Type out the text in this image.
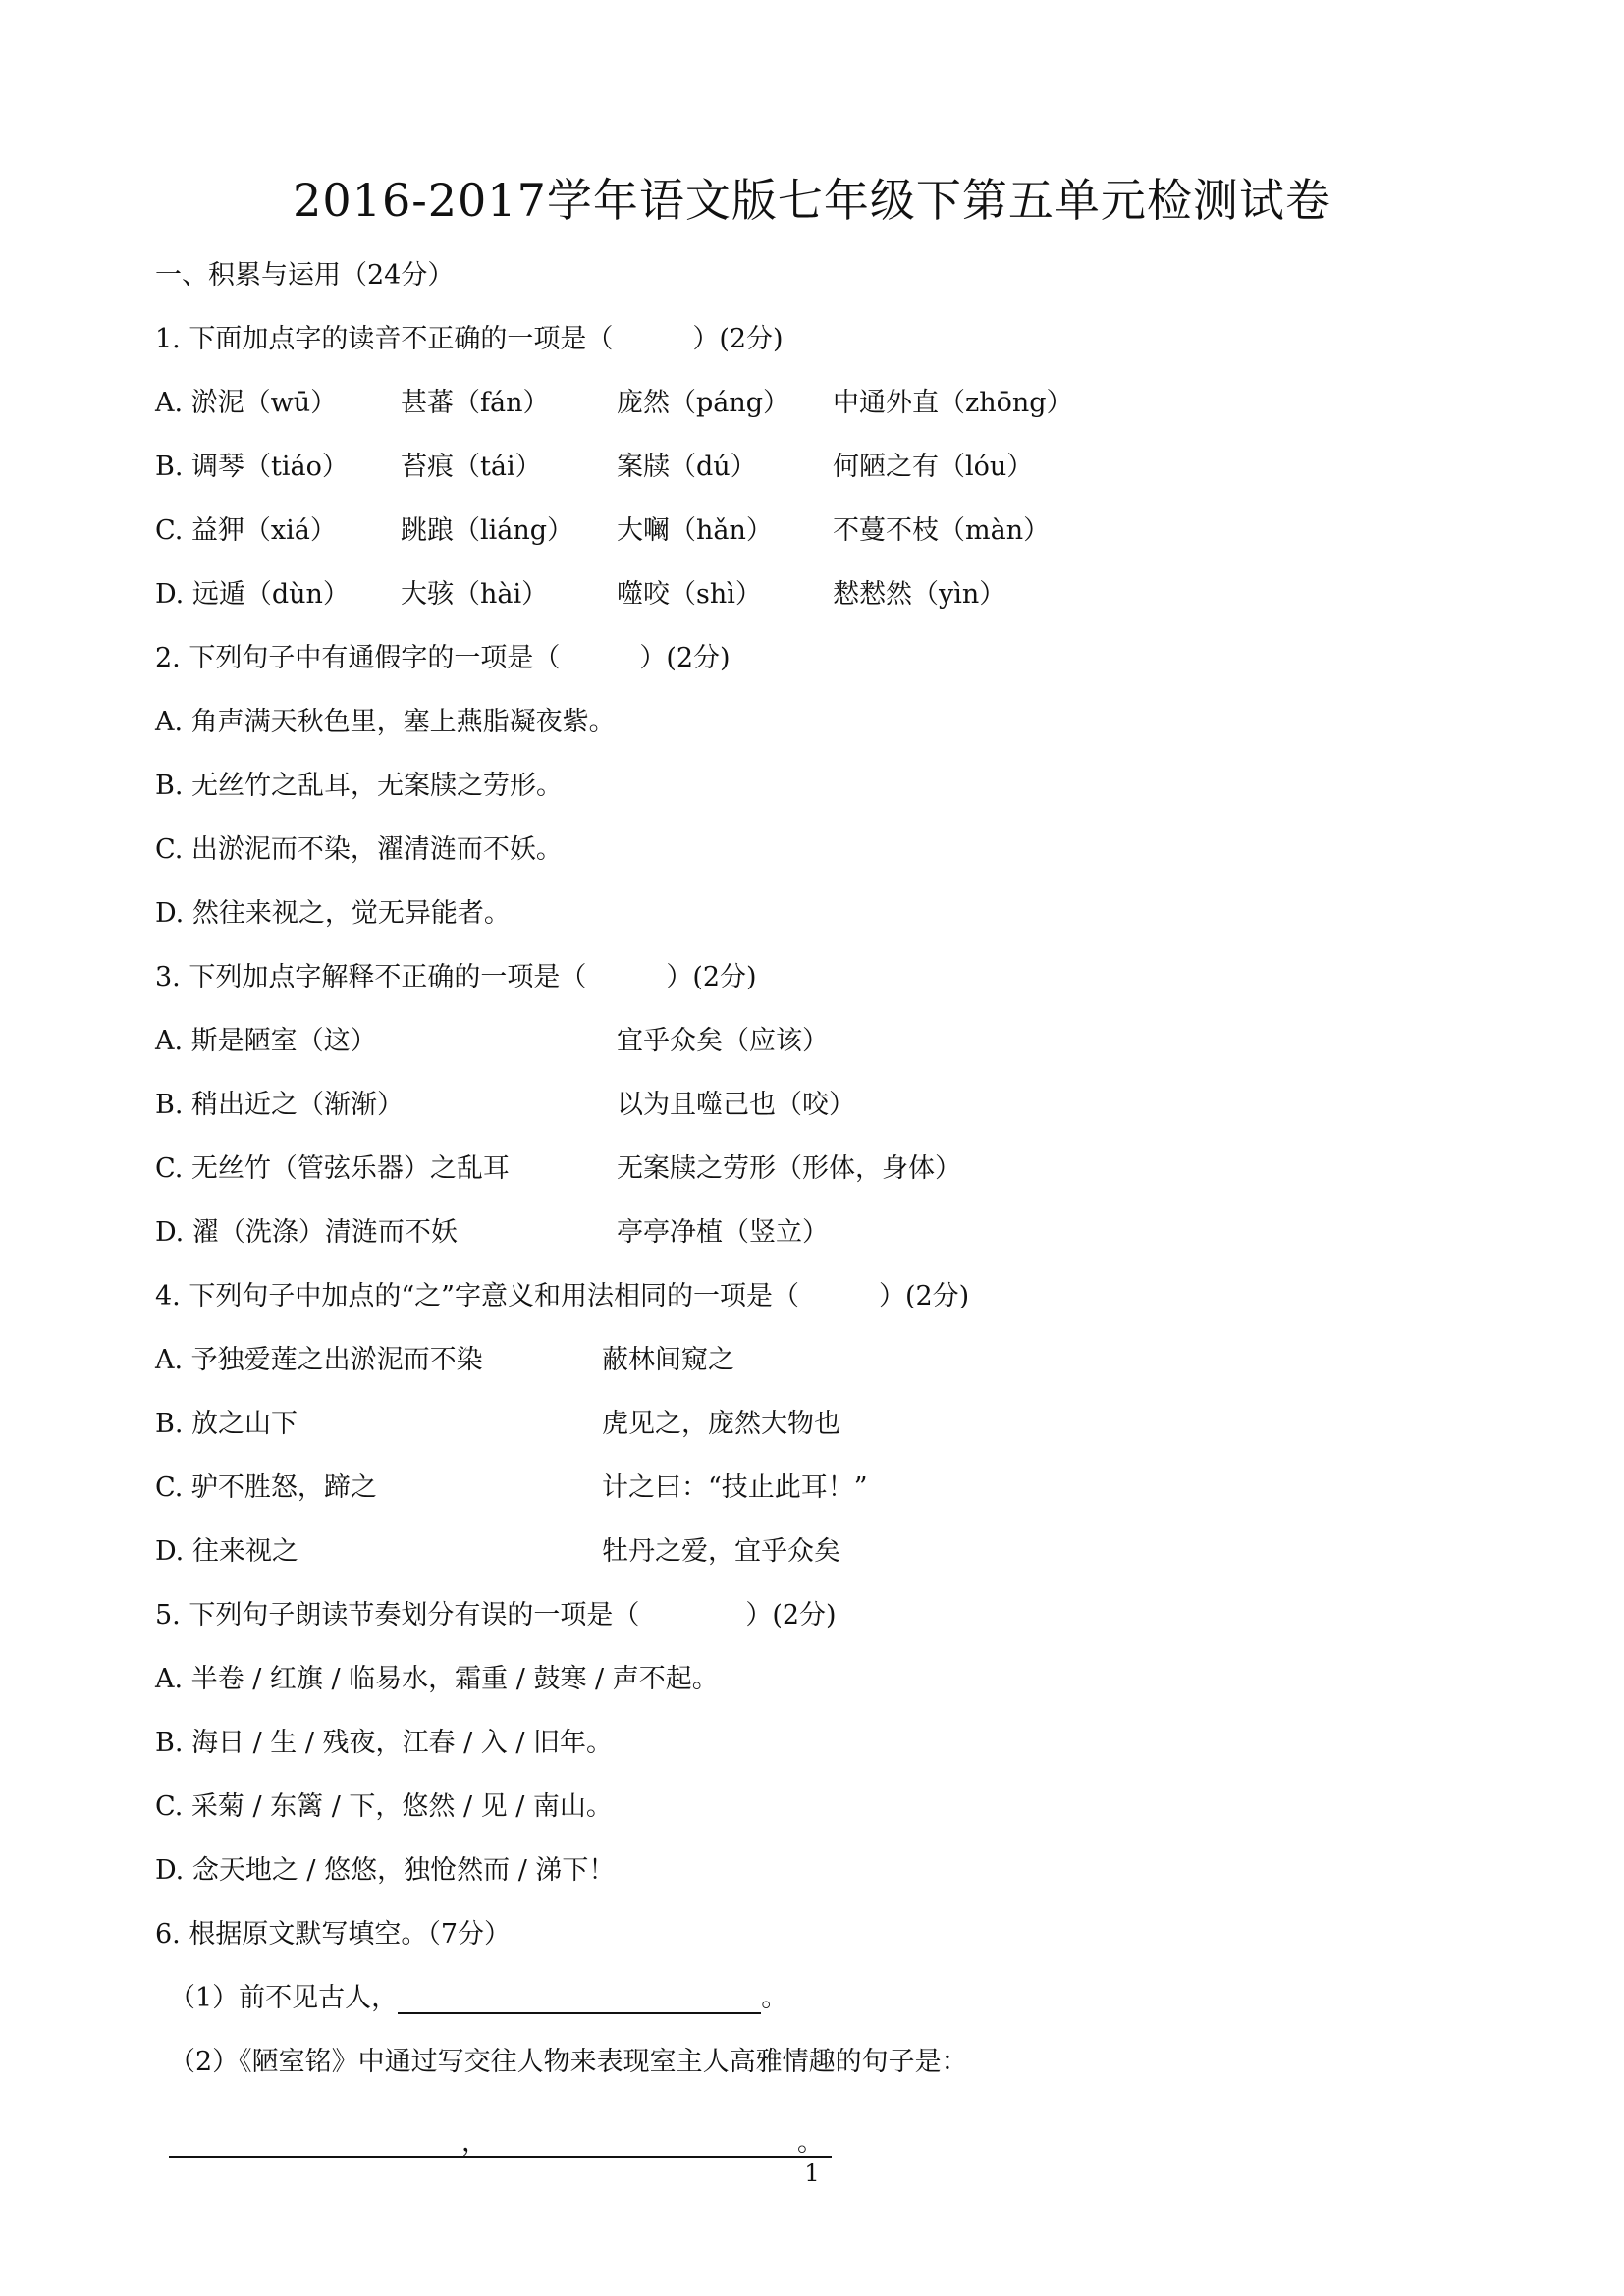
2016-2017学年语文版七年级下第五单元检测试卷
一、积累与运用（24分）
1. 下面加点字的读音不正确的一项是（　　　）(2分)
A. 淤泥（wū） 甚蕃（fán）	庞然（páng） 中通外直（zhōng）
B. 调琴（tiáo） 苔痕（tái）	案牍（dú）	何陋之有（lóu）
C. 益狎（xiá） 跳踉（liáng） 大㘎（hǎn） 不蔓不枝（màn）
D. 远遁（dùn） 大骇（hài）	噬咬（shì）	慭慭然（yìn）
2. 下列句子中有通假字的一项是（　　　）(2分)
A. 角声满天秋色里，塞上燕脂凝夜紫。
B. 无丝竹之乱耳，无案牍之劳形。
C. 出淤泥而不染，濯清涟而不妖。
D. 然往来视之，觉无异能者。
3. 下列加点字解释不正确的一项是（　　　）(2分)
A. 斯是陋室（这）	宜乎众矣（应该）
B. 稍出近之（渐渐）	以为且噬己也（咬）
C. 无丝竹（管弦乐器）之乱耳	无案牍之劳形（形体，身体）
D. 濯（洗涤）清涟而不妖	亭亭净植（竖立）
4. 下列句子中加点的“之”字意义和用法相同的一项是（　　　）(2分)
A. 予独爱莲之出淤泥而不染	蔽林间窥之
B. 放之山下	虎见之，庞然大物也
C. 驴不胜怒，蹄之	计之曰：“技止此耳！”
D. 往来视之	牡丹之爱，宜乎众矣
5. 下列句子朗读节奏划分有误的一项是（　　　　）(2分)
A. 半卷 / 红旗 / 临易水，霜重 / 鼓寒 / 声不起。
B. 海日 / 生 / 残夜，江春 / 入 / 旧年。
C. 采菊 / 东篱 / 下，悠然 / 见 / 南山。
D. 念天地之 / 悠悠，独怆然而 / 涕下！
6. 根据原文默写填空。（7分）
（1）前不见古人，	。
（2）《陋室铭》中通过写交往人物来表现室主人高雅情趣的句子是：
，	。
1
